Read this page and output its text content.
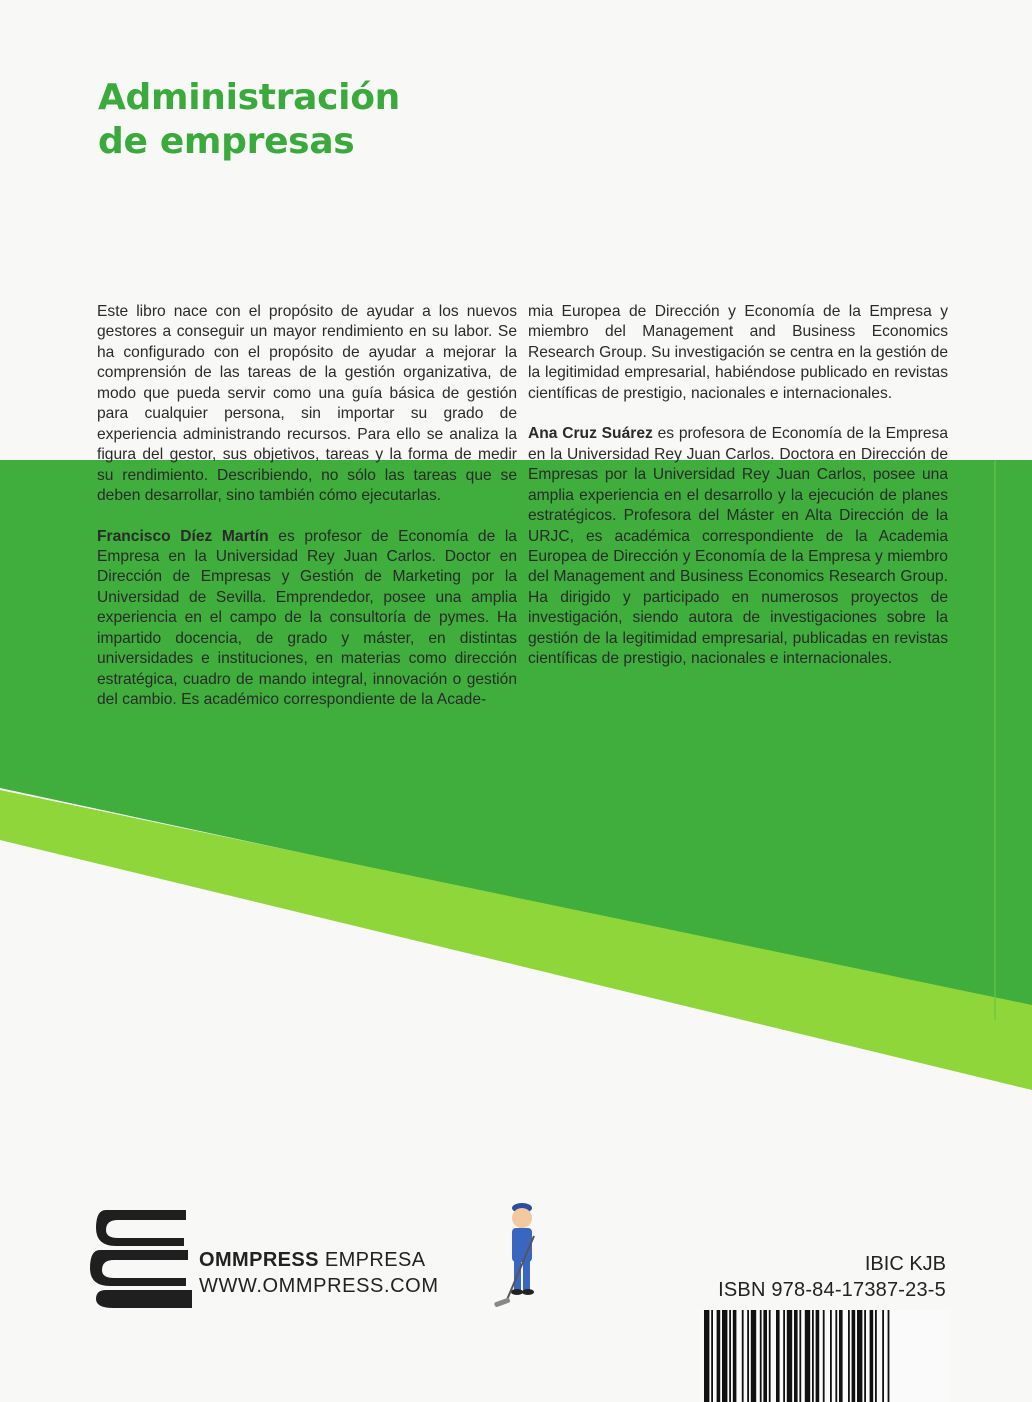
Administración
de empresas

Este libro nace con el propósito de ayudar a los nuevos gestores a conseguir un mayor rendimiento en su labor. Se ha configurado con el propósito de ayudar a mejorar la comprensión de las tareas de la gestión organizativa, de modo que pueda servir como una guía básica de gestión para cualquier persona, sin importar su grado de experiencia administrando recursos. Para ello se analiza la figura del gestor, sus objetivos, tareas y la forma de medir su rendimiento. Describiendo, no sólo las tareas que se deben desarrollar, sino también cómo ejecutarlas.

Francisco Díez Martín es profesor de Economía de la Empresa en la Universidad Rey Juan Carlos. Doctor en Dirección de Empresas y Gestión de Marketing por la Universidad de Sevilla. Emprendedor, posee una amplia experiencia en el campo de la consultoría de pymes. Ha impartido docencia, de grado y máster, en distintas universidades e instituciones, en materias como dirección estratégica, cuadro de mando integral, innovación o gestión del cambio. Es académico correspondiente de la Acade-

mia Europea de Dirección y Economía de la Empresa y miembro del Management and Business Economics Research Group. Su investigación se centra en la gestión de la legitimidad empresarial, habiéndose publicado en revistas científicas de prestigio, nacionales e internacionales.

Ana Cruz Suárez es profesora de Economía de la Empresa en la Universidad Rey Juan Carlos. Doctora en Dirección de Empresas por la Universidad Rey Juan Carlos, posee una amplia experiencia en el desarrollo y la ejecución de planes estratégicos. Profesora del Máster en Alta Dirección de la URJC, es académica correspondiente de la Academia Europea de Dirección y Economía de la Empresa y miembro del Management and Business Economics Research Group. Ha dirigido y participado en numerosos proyectos de investigación, siendo autora de investigaciones sobre la gestión de la legitimidad empresarial, publicadas en revistas científicas de prestigio, nacionales e internacionales.

OMMPRESS EMPRESA
WWW.OMMPRESS.COM
IBIC KJB
ISBN 978-84-17387-23-5
